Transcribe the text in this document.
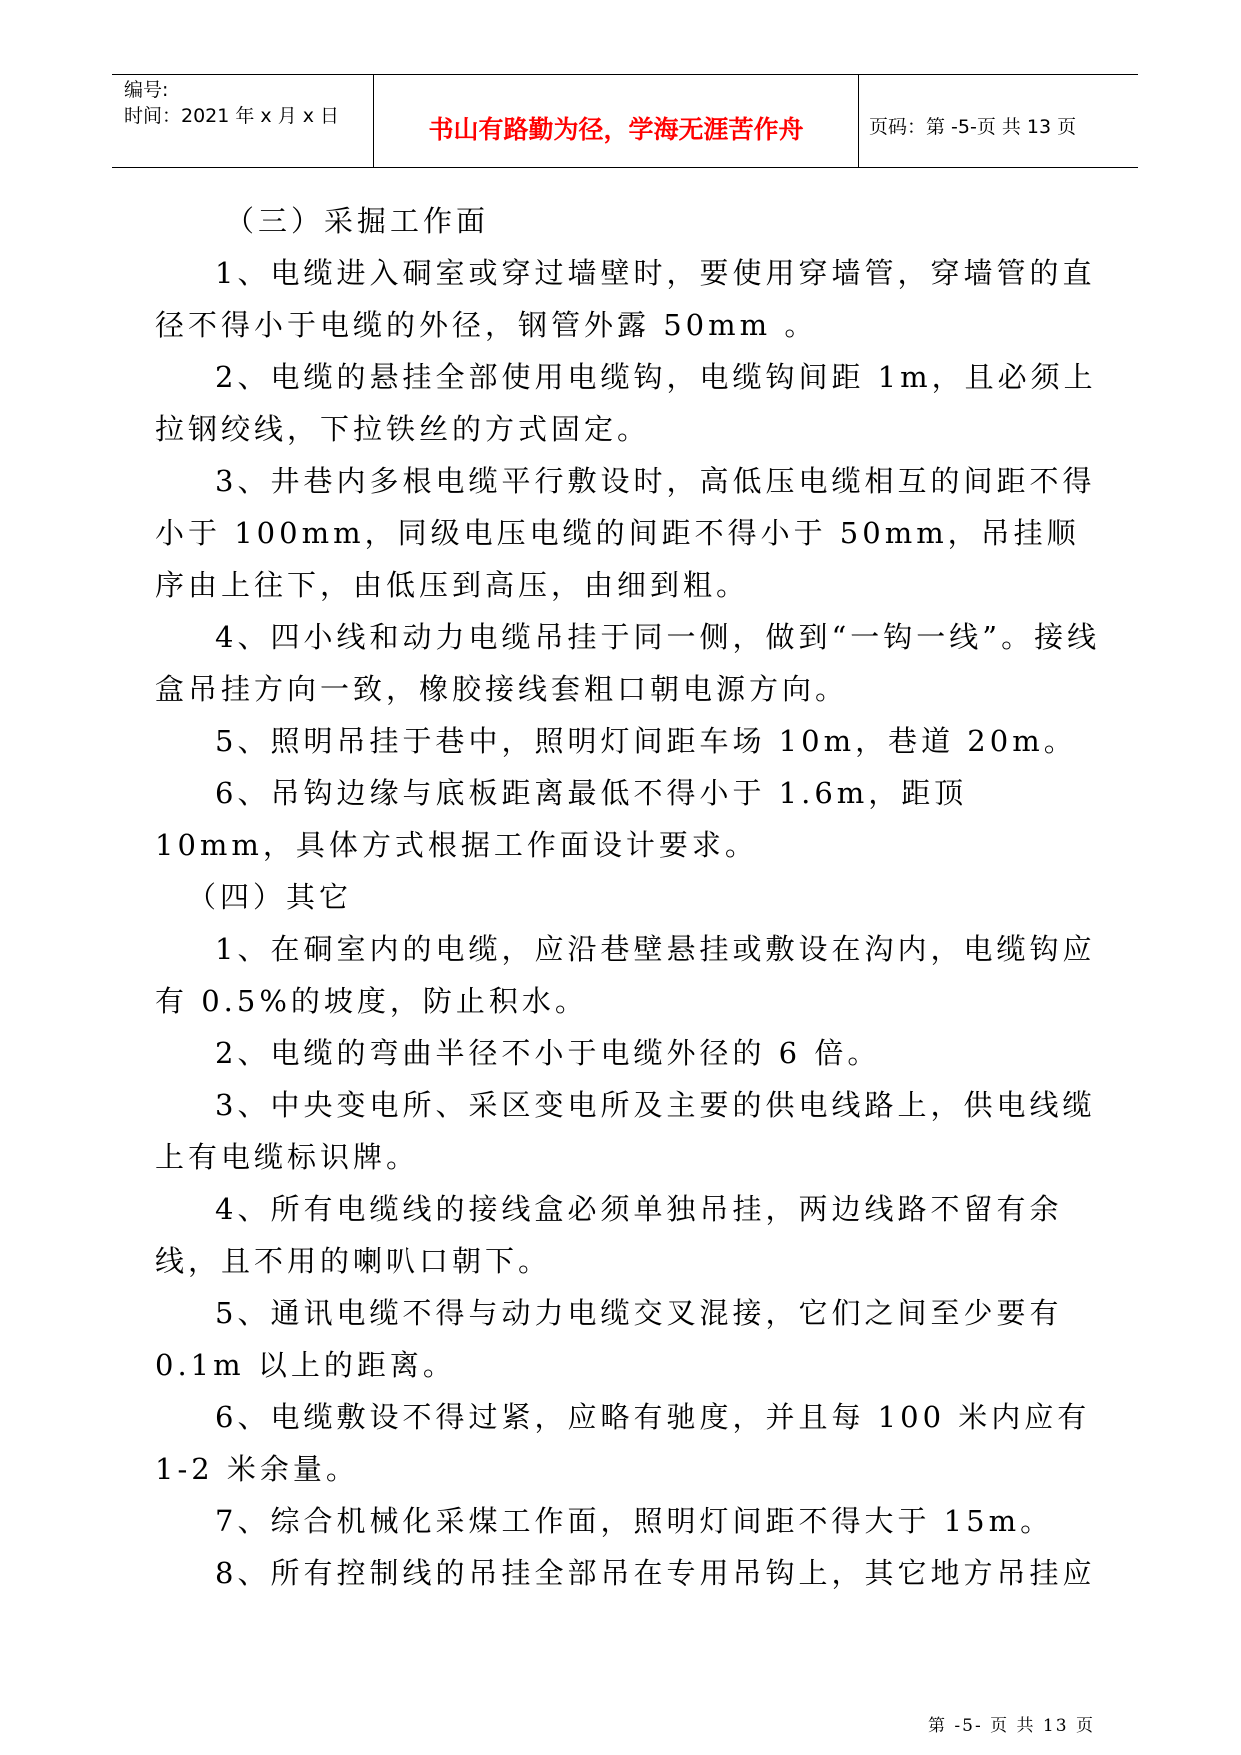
编号:
时间：2021 年 x 月 x 日	书山有路勤为径，学海无涯苦作舟	页码：第 -5-页 共 13 页

（三）采掘工作面

1、电缆进入硐室或穿过墙壁时，要使用穿墙管，穿墙管的直径不得小于电缆的外径，钢管外露 50mm 。

2、电缆的悬挂全部使用电缆钩，电缆钩间距 1m，且必须上拉钢绞线，下拉铁丝的方式固定。

3、井巷内多根电缆平行敷设时，高低压电缆相互的间距不得小于 100mm，同级电压电缆的间距不得小于 50mm，吊挂顺序由上往下，由低压到高压，由细到粗。

4、四小线和动力电缆吊挂于同一侧，做到“一钩一线”。接线盒吊挂方向一致，橡胶接线套粗口朝电源方向。

5、照明吊挂于巷中，照明灯间距车场 10m，巷道 20m。

6、吊钩边缘与底板距离最低不得小于 1.6m，距顶 10mm，具体方式根据工作面设计要求。

（四）其它

1、在硐室内的电缆，应沿巷壁悬挂或敷设在沟内，电缆钩应有 0.5%的坡度，防止积水。

2、电缆的弯曲半径不小于电缆外径的 6 倍。

3、中央变电所、采区变电所及主要的供电线路上，供电线缆上有电缆标识牌。

4、所有电缆线的接线盒必须单独吊挂，两边线路不留有余线，且不用的喇叭口朝下。

5、通讯电缆不得与动力电缆交叉混接，它们之间至少要有 0.1m 以上的距离。

6、电缆敷设不得过紧，应略有驰度，并且每 100 米内应有 1-2 米余量。

7、综合机械化采煤工作面，照明灯间距不得大于 15m。

8、所有控制线的吊挂全部吊在专用吊钩上，其它地方吊挂应

第 -5- 页 共 13 页
